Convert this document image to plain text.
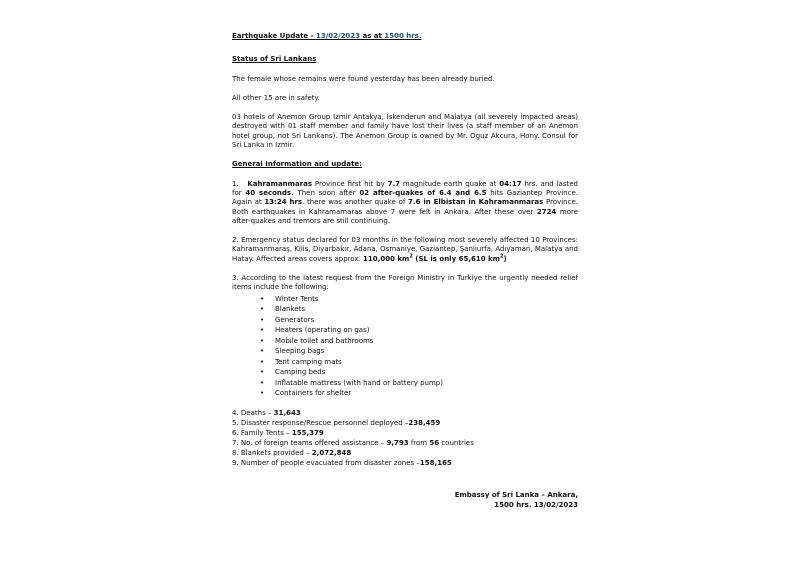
Earthquake Update - 13/02/2023 as at 1500 hrs.
Status of Sri Lankans

The female whose remains were found yesterday has been already buried.

All other 15 are in safety.

03 hotels of Anemon Group Izmir Antakya, Iskenderun and Malatya (all severely impacted areas) destroyed with 01 staff member and family have lost their lives (a staff member of an Anemon hotel group, not Sri Lankans). The Anemon Group is owned by Mr. Oguz Akcura, Hony. Consul for Sri Lanka in Izmir.

General Information and update:

1. Kahramanmaras Province first hit by 7.7 magnitude earth quake at 04:17 hrs. and lasted for 40 seconds. Then soon after 02 after-quakes of 6.4 and 6.5 hits Gaziantep Province. Again at 13:24 hrs. there was another quake of 7.6 in Elbistan in Kahramanmaras Province. Both earthquakes in Kahramamaras above 7 were felt in Ankara. After these over 2724 more after-quakes and tremors are still continuing.

2. Emergency status declared for 03 months in the following most severely affected 10 Provinces: Kahramanmaraş, Kilis, Diyarbakır, Adana, Osmaniye, Gaziantep, Şanlıurfa, Adıyaman, Malatya and Hatay. Affected areas covers approx. 110,000 $km^2$ (SL is only 65,610 $km^2$)

3. According to the latest request from the Foreign Ministry in Turkiye the urgently needed relief items include the following:

• Winter Tents
• Blankets
• Generators
• Heaters (operating on gas)
• Mobile toilet and bathrooms
• Sleeping bags
• Tent camping mats
• Camping beds
• Inflatable mattress (with hand or battery pump)
• Containers for shelter
4. Deaths – 31,643
5. Disaster response/Rescue personnel deployed –238,459
6. Family Tents – 155,379
7. No. of foreign teams offered assistance – 9,793 from 56 countries
8. Blankets provided – 2,072,848
9. Number of people evacuated from disaster zones –158,165
Embassy of Sri Lanka – Ankara,
1500 hrs. 13/02/2023
